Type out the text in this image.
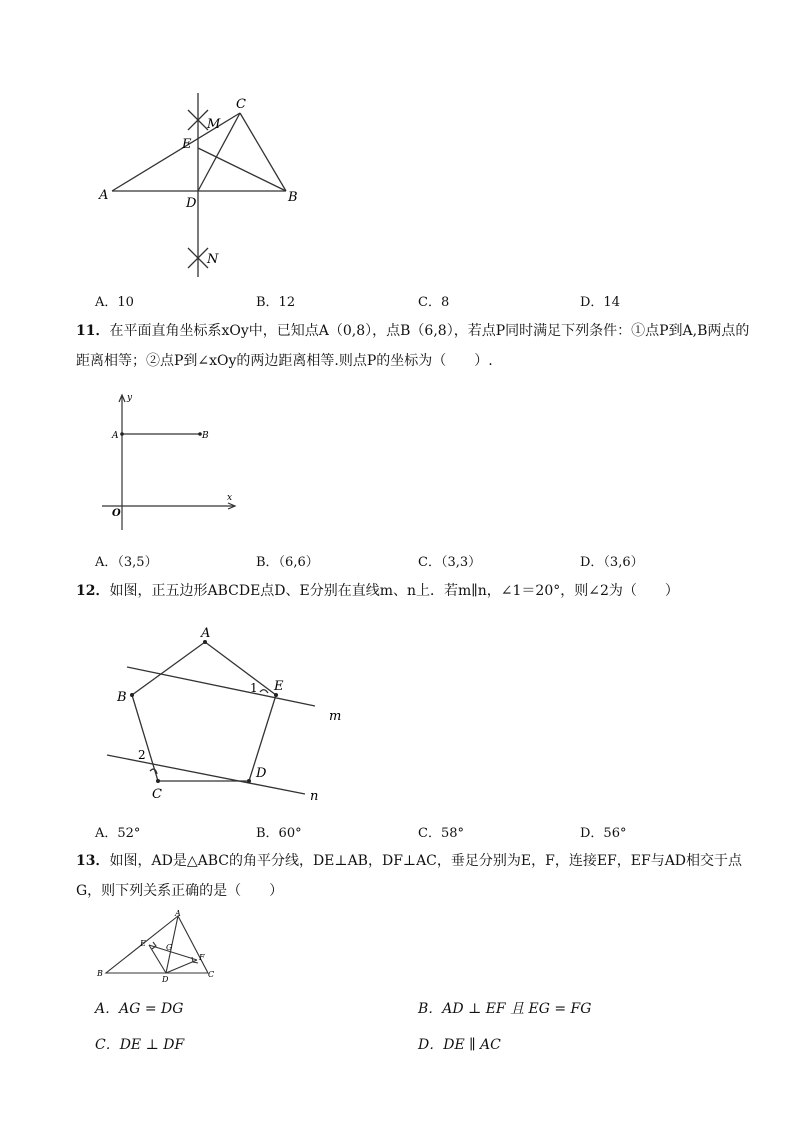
M
C
E
A
D	B
N
A．10	B．12	C．8	D．14
11．在平面直角坐标系xOy中，已知点A（0,8），点B（6,8），若点P同时满足下列条件：①点P到A,B两点的距离相等；②点P到∠xOy的两边距离相等.则点P的坐标为（　　）.
y
x
O
A	B
A．（3,5）	B．（6,6）	C．（3,3）	D．（3,6）
12．如图，正五边形ABCDE点D、E分别在直线m、n上．若m∥n，∠1＝20°，则∠2为（　　）
A
B
C
D
E
m
n
1
2
A．52°	B．60°	C．58°	D．56°
13．如图，AD是△ABC的角平分线，DE⊥AB，DF⊥AC，垂足分别为E，F，连接EF，EF与AD相交于点G，则下列关系正确的是（　　）
A
B	C
D
E
F
G
A．AG = DG	B．AD ⊥ EF 且 EG = FG
C．DE ⊥ DF	D．DE ∥ AC
